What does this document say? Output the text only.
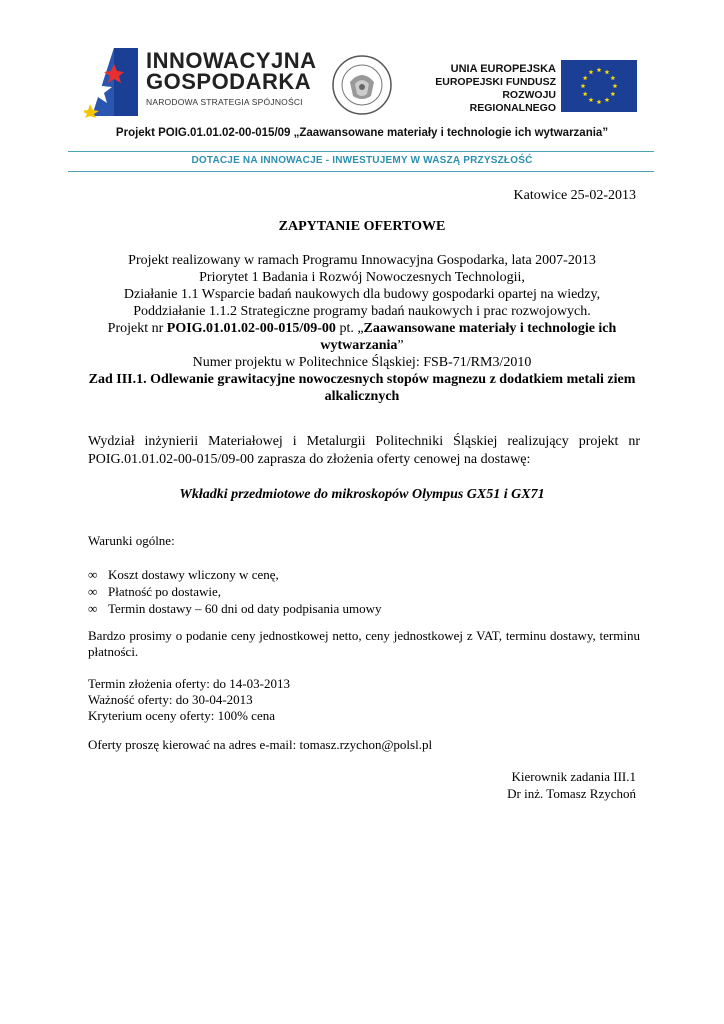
INNOWACYJNA
GOSPODARKA
NARODOWA STRATEGIA SPÓJNOŚCI
UNIA EUROPEJSKA
EUROPEJSKI FUNDUSZ
ROZWOJU REGIONALNEGO
Projekt POIG.01.01.02-00-015/09 „Zaawansowane materiały i technologie ich wytwarzania”
DOTACJE NA INNOWACJE - INWESTUJEMY W WASZĄ PRZYSZŁOŚĆ
Katowice 25-02-2013
ZAPYTANIE OFERTOWE
Projekt realizowany w ramach Programu Innowacyjna Gospodarka, lata 2007-2013
Priorytet 1 Badania i Rozwój Nowoczesnych Technologii,
Działanie 1.1 Wsparcie badań naukowych dla budowy gospodarki opartej na wiedzy,
Poddziałanie 1.1.2 Strategiczne programy badań naukowych i prac rozwojowych.
Projekt nr POIG.01.01.02-00-015/09-00 pt. „Zaawansowane materiały i technologie ich wytwarzania”
Numer projektu w Politechnice Śląskiej: FSB-71/RM3/2010
Zad III.1. Odlewanie grawitacyjne nowoczesnych stopów magnezu z dodatkiem metali ziem alkalicznych
Wydział inżynierii Materiałowej i Metalurgii Politechniki Śląskiej realizujący projekt nr POIG.01.01.02-00-015/09-00 zaprasza do złożenia oferty cenowej na dostawę:
Wkładki przedmiotowe do mikroskopów Olympus GX51 i GX71
Warunki ogólne:
∞ Koszt dostawy wliczony w cenę,
∞ Płatność po dostawie,
∞ Termin dostawy – 60 dni od daty podpisania umowy
Bardzo prosimy o podanie ceny jednostkowej netto, ceny jednostkowej z VAT, terminu dostawy, terminu płatności.
Termin złożenia oferty: do 14-03-2013
Ważność oferty: do 30-04-2013
Kryterium oceny oferty: 100% cena
Oferty proszę kierować na adres e-mail: tomasz.rzychon@polsl.pl
Kierownik zadania III.1
Dr inż. Tomasz Rzychoń
